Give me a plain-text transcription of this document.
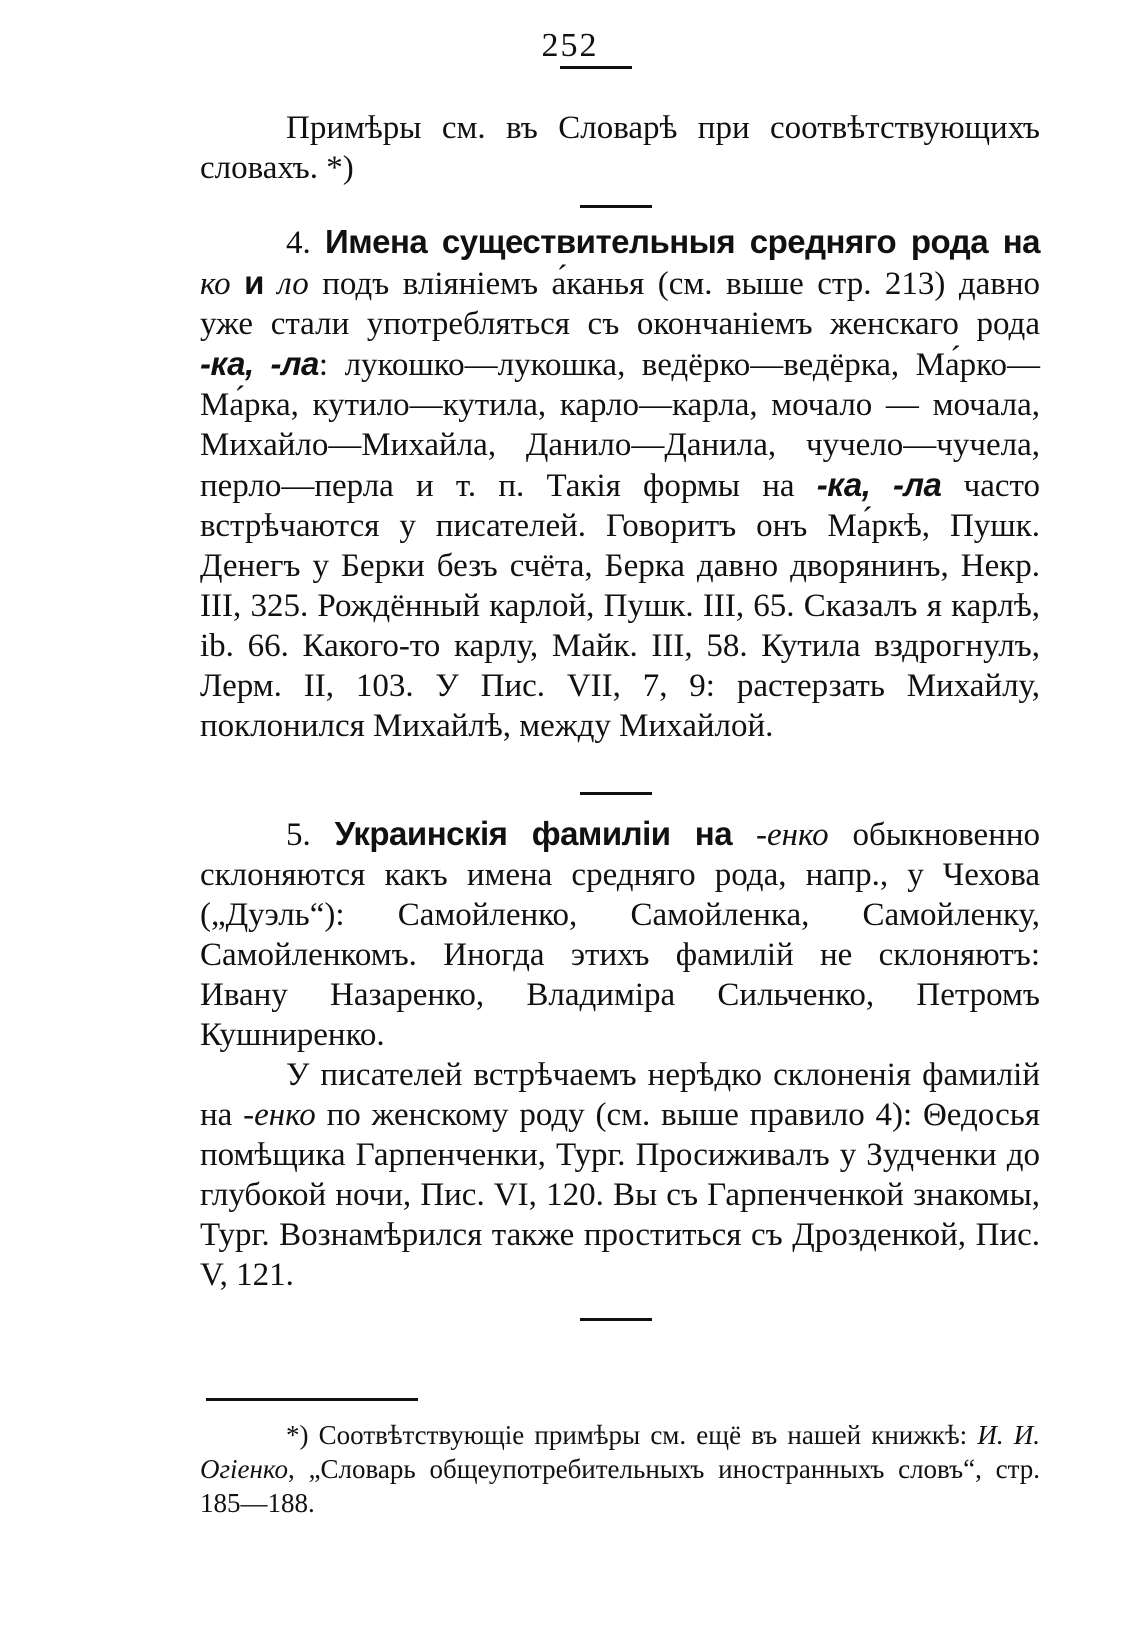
252

Примѣры см. въ Словарѣ при соотвѣтствующихъ словахъ. *)

4. Имена существительныя средняго рода на ко и ло подъ вліяніемъ а́канья (см. выше стр. 213) давно уже стали употребляться съ окончаніемъ женскаго рода -ка, -ла: лукошко—лукошка, ведёрко—ведёрка, Ма́рко—Ма́рка, кутило—кутила, карло—карла, мочало — мочала, Михайло—Михайла, Данило—Данила, чучело—чучела, перло—перла и т. п. Такія формы на -ка, -ла часто встрѣчаются у писателей. Говоритъ онъ Ма́ркѣ, Пушк. Денегъ у Берки безъ счёта, Берка давно дворянинъ, Некр. III, 325. Рождённый карлой, Пушк. III, 65. Сказалъ я карлѣ, ib. 66. Какого-то карлу, Майк. III, 58. Кутила вздрогнулъ, Лерм. II, 103. У Пис. VII, 7, 9: растерзать Михайлу, поклонился Михайлѣ, между Михайлой.

5. Украинскія фамиліи на -енко обыкновенно склоняются какъ имена средняго рода, напр., у Чехова („Дуэль“): Самойленко, Самойленка, Самойленку, Самойленкомъ. Иногда этихъ фамилій не склоняютъ: Ивану Назаренко, Владиміра Сильченко, Петромъ Кушниренко.

У писателей встрѣчаемъ нерѣдко склоненія фамилій на -енко по женскому роду (см. выше правило 4): Θедосья помѣщика Гарпенченки, Тург. Просиживалъ у Зудченки до глубокой ночи, Пис. VI, 120. Вы съ Гарпенченкой знакомы, Тург. Вознамѣрился также проститься съ Дрозденкой, Пис. V, 121.

*) Соотвѣтствующіе примѣры см. ещё въ нашей книжкѣ: И. И. Огіенко, „Словарь общеупотребительныхъ иностранныхъ словъ“, стр. 185—188.
